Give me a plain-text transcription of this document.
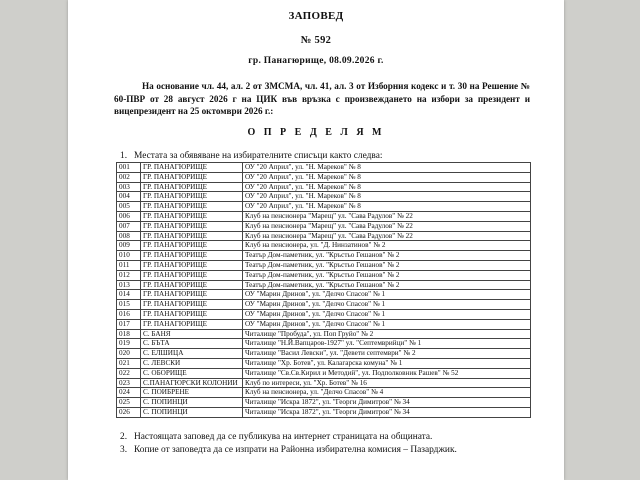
ЗАПОВЕД
№ 592
гр. Панагюрище, 08.09.2026 г.
На основание чл. 44, ал. 2 от ЗМСМА, чл. 41, ал. 3 от Изборния кодекс и т. 30 на Решение № 60-ПВР от 28 август 2026 г на ЦИК във връзка с произвеждането на избори за президент и вицепрезидент на 25 октомври 2026 г.:
О П Р Е Д Е Л Я М
1. Местата за обявяване на избирателните списъци както следва:
001	ГР. ПАНАГЮРИЩЕ	ОУ "20 Април", ул. "Н. Мареков" № 8
002	ГР. ПАНАГЮРИЩЕ	ОУ "20 Април", ул. "Н. Мареков" № 8
003	ГР. ПАНАГЮРИЩЕ	ОУ "20 Април", ул. "Н. Мареков" № 8
004	ГР. ПАНАГЮРИЩЕ	ОУ "20 Април", ул. "Н. Мареков" № 8
005	ГР. ПАНАГЮРИЩЕ	ОУ "20 Април", ул. "Н. Мареков" № 8
006	ГР. ПАНАГЮРИЩЕ	Клуб на пенсионера "Марещ" ул. "Сава Радулов" № 22
007	ГР. ПАНАГЮРИЩЕ	Клуб на пенсионера "Марещ" ул. "Сава Радулов" № 22
008	ГР. ПАНАГЮРИЩЕ	Клуб на пенсионера "Марещ" ул. "Сава Радулов" № 22
009	ГР. ПАНАГЮРИЩЕ	Клуб на пенсионера, ул. "Д. Нинзатинов" № 2
010	ГР. ПАНАГЮРИЩЕ	Театър Дом-паметник, ул. "Кръстьо Гешанов" № 2
011	ГР. ПАНАГЮРИЩЕ	Театър Дом-паметник, ул. "Кръстьо Гешанов" № 2
012	ГР. ПАНАГЮРИЩЕ	Театър Дом-паметник, ул. "Кръстьо Гешанов" № 2
013	ГР. ПАНАГЮРИЩЕ	Театър Дом-паметник, ул. "Кръстьо Гешанов" № 2
014	ГР. ПАНАГЮРИЩЕ	ОУ "Марин Дринов", ул. "Делчо Спасов" № 1
015	ГР. ПАНАГЮРИЩЕ	ОУ "Марин Дринов", ул. "Делчо Спасов" № 1
016	ГР. ПАНАГЮРИЩЕ	ОУ "Марин Дринов", ул. "Делчо Спасов" № 1
017	ГР. ПАНАГЮРИЩЕ	ОУ "Марин Дринов", ул. "Делчо Спасов" № 1
018	С. БАНЯ	Читалище "Пробуда", ул. Поп Груйо" № 2
019	С. БЪТА	Читалище "Н.Й.Вапцаров-1927" ул. "Септемврийци" № 1
020	С. ЕЛШИЦА	Читалище "Васил Левски", ул. "Девети септември" № 2
021	С. ЛЕВСКИ	Читалище "Хр. Ботев", ул. Калагарска комуна" № 1
022	С. ОБОРИЩЕ	Читалище "Св.Св.Кирил и Методий", ул. Подполковник Рашев" № 52
023	С.ПАНАГЮРСКИ КОЛОНИИ	Клуб по интереси, ул. "Хр. Ботев" № 16
024	С. ПОИБРЕНЕ	Клуб на пенсионера, ул. "Делчо Спасов" № 4
025	С. ПОПИНЦИ	Читалище "Искра 1872", ул. "Георги Димитров" № 34
026	С. ПОПИНЦИ	Читалище "Искра 1872", ул. "Георги Димитров" № 34
2. Настоящата заповед да се публикува на интернет страницата на общината.
3. Копие от заповедта да се изпрати на Районна избирателна комисия – Пазарджик.
